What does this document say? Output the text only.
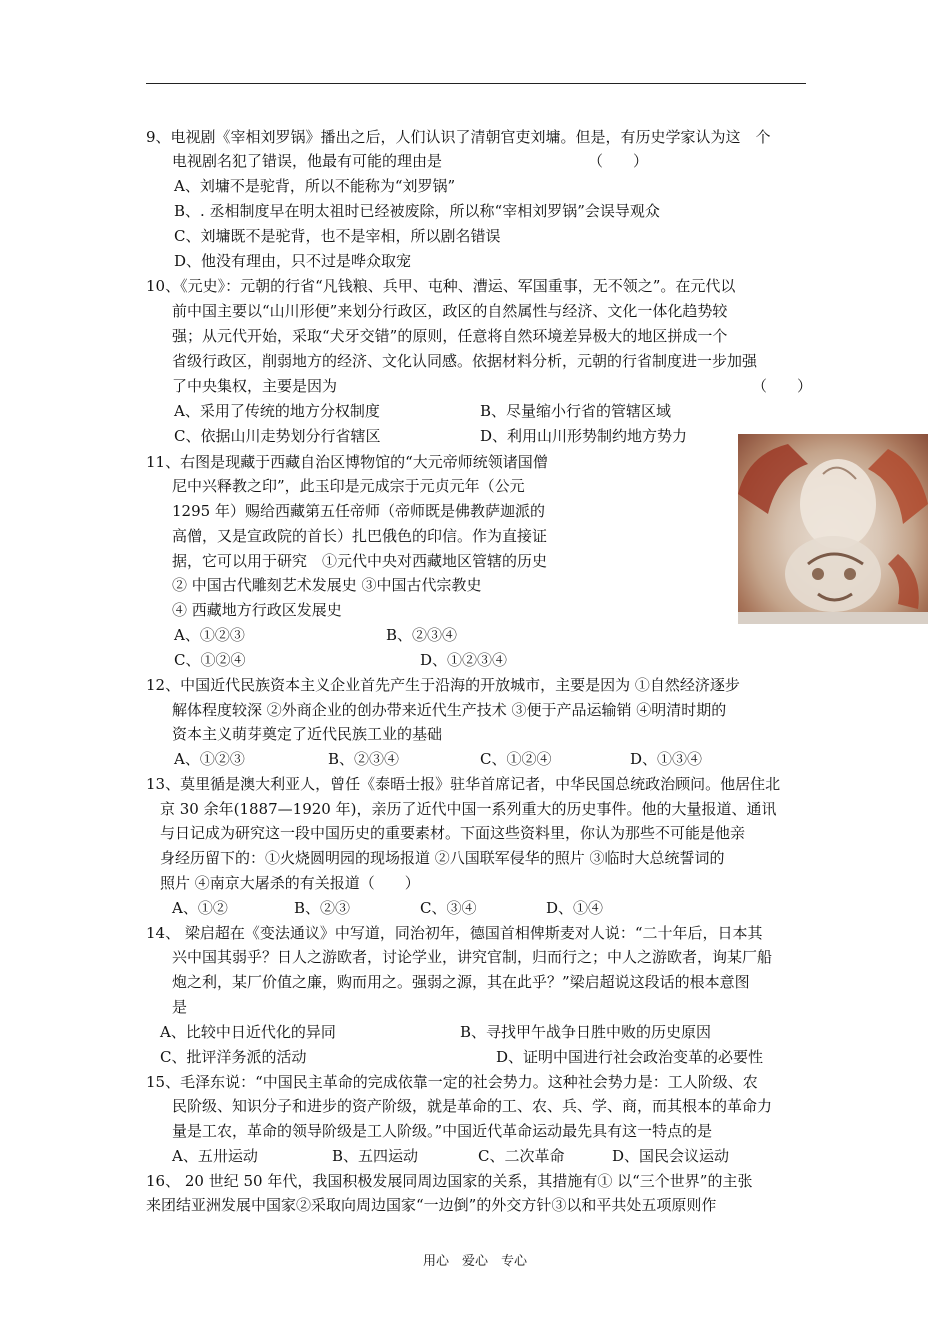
9、电视剧《宰相刘罗锅》播出之后，人们认识了清朝官吏刘墉。但是，有历史学家认为这　个
电视剧名犯了错误，他最有可能的理由是	（　　）
A、刘墉不是驼背，所以不能称为“刘罗锅”
B、. 丞相制度早在明太祖时已经被废除，所以称“宰相刘罗锅”会误导观众
C、刘墉既不是驼背，也不是宰相，所以剧名错误
D、他没有理由，只不过是哗众取宠
10、《元史》：元朝的行省“凡钱粮、兵甲、屯种、漕运、军国重事，无不领之”。在元代以
前中国主要以“山川形便”来划分行政区，政区的自然属性与经济、文化一体化趋势较
强；从元代开始，采取“犬牙交错”的原则，任意将自然环境差异极大的地区拼成一个
省级行政区，削弱地方的经济、文化认同感。依据材料分析，元朝的行省制度进一步加强
了中央集权，主要是因为	（　　）
A、采用了传统的地方分权制度	B、尽量缩小行省的管辖区域
C、依据山川走势划分行省辖区	D、利用山川形势制约地方势力
11、右图是现藏于西藏自治区博物馆的“大元帝师统领诸国僧
尼中兴释教之印”，此玉印是元成宗于元贞元年（公元
1295 年）赐给西藏第五任帝师（帝师既是佛教萨迦派的
高僧，又是宣政院的首长）扎巴俄色的印信。作为直接证
据，它可以用于研究　①元代中央对西藏地区管辖的历史
② 中国古代雕刻艺术发展史 ③中国古代宗教史
④ 西藏地方行政区发展史
A、①②③	B、②③④
C、①②④	D、①②③④
12、中国近代民族资本主义企业首先产生于沿海的开放城市，主要是因为 ①自然经济逐步
解体程度较深 ②外商企业的创办带来近代生产技术 ③便于产品运输销 ④明清时期的
资本主义萌芽奠定了近代民族工业的基础
A、①②③	B、②③④	C、①②④	D、①③④
13、莫里循是澳大利亚人，曾任《泰晤士报》驻华首席记者，中华民国总统政治顾问。他居住北
京 30 余年(1887—1920 年)，亲历了近代中国一系列重大的历史事件。他的大量报道、通讯
与日记成为研究这一段中国历史的重要素材。下面这些资料里，你认为那些不可能是他亲
身经历留下的：①火烧圆明园的现场报道 ②八国联军侵华的照片 ③临时大总统誓词的
照片 ④南京大屠杀的有关报道（　　）
A、①②	B、②③	C、③④	D、①④
14、 梁启超在《变法通议》中写道，同治初年，德国首相俾斯麦对人说：“二十年后，日本其
兴中国其弱乎？日人之游欧者，讨论学业，讲究官制，归而行之；中人之游欧者，询某厂船
炮之利，某厂价值之廉，购而用之。强弱之源，其在此乎？”梁启超说这段话的根本意图
是
A、比较中日近代化的异同	B、寻找甲午战争日胜中败的历史原因
C、批评洋务派的活动	D、证明中国进行社会政治变革的必要性
15、毛泽东说：“中国民主革命的完成依靠一定的社会势力。这种社会势力是：工人阶级、农
民阶级、知识分子和进步的资产阶级，就是革命的工、农、兵、学、商，而其根本的革命力
量是工农，革命的领导阶级是工人阶级。”中国近代革命运动最先具有这一特点的是
A、五卅运动	B、五四运动	C、二次革命	D、国民会议运动
16、 20 世纪 50 年代，我国积极发展同周边国家的关系，其措施有① 以“三个世界”的主张
来团结亚洲发展中国家②采取向周边国家“一边倒”的外交方针③以和平共处五项原则作
用心　爱心　专心
